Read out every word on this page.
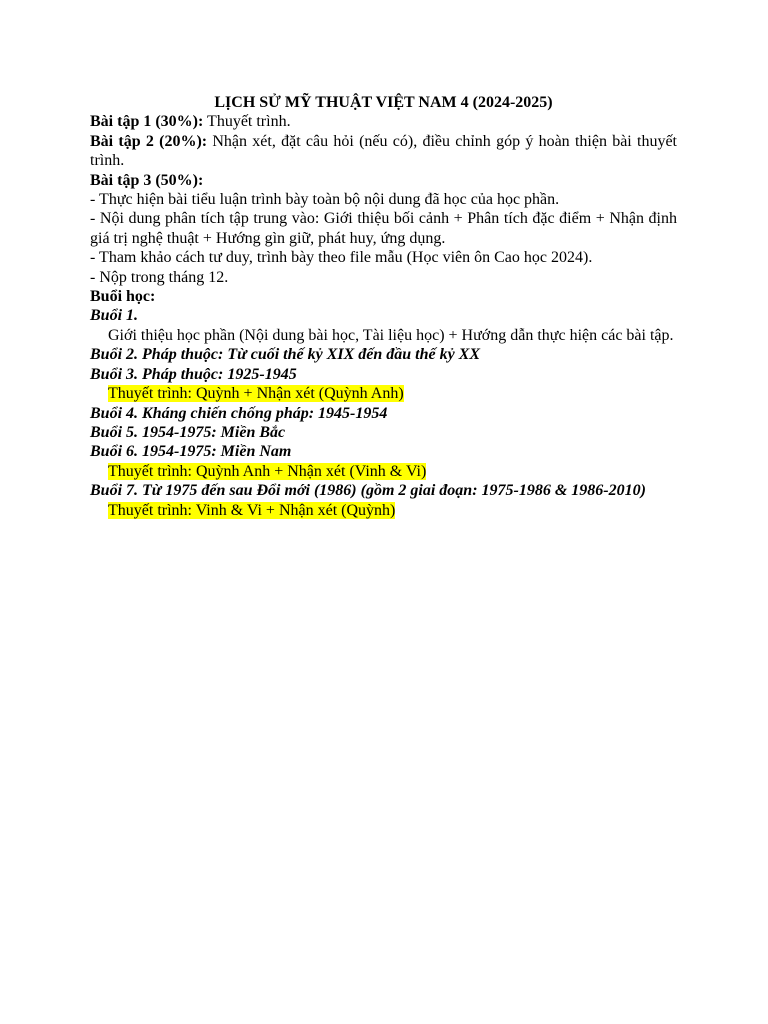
LỊCH SỬ MỸ THUẬT VIỆT NAM 4 (2024-2025)

Bài tập 1 (30%): Thuyết trình.

Bài tập 2 (20%): Nhận xét, đặt câu hỏi (nếu có), điều chỉnh góp ý hoàn thiện bài thuyết trình.

Bài tập 3 (50%):

- Thực hiện bài tiểu luận trình bày toàn bộ nội dung đã học của học phần.

- Nội dung phân tích tập trung vào: Giới thiệu bối cảnh + Phân tích đặc điểm + Nhận định giá trị nghệ thuật + Hướng gìn giữ, phát huy, ứng dụng.

- Tham khảo cách tư duy, trình bày theo file mẫu (Học viên ôn Cao học 2024).

- Nộp trong tháng 12.

Buổi học:

Buổi 1.

Giới thiệu học phần (Nội dung bài học, Tài liệu học) + Hướng dẫn thực hiện các bài tập.

Buổi 2. Pháp thuộc: Từ cuối thế kỷ XIX đến đầu thế kỷ XX

Buổi 3. Pháp thuộc: 1925-1945

Thuyết trình: Quỳnh + Nhận xét (Quỳnh Anh)

Buổi 4. Kháng chiến chống pháp: 1945-1954

Buổi 5. 1954-1975: Miền Bắc

Buổi 6. 1954-1975: Miền Nam

Thuyết trình: Quỳnh Anh + Nhận xét (Vinh & Vi)

Buổi 7. Từ 1975 đến sau Đổi mới (1986) (gồm 2 giai đoạn: 1975-1986 & 1986-2010)

Thuyết trình: Vinh & Vi + Nhận xét (Quỳnh)
